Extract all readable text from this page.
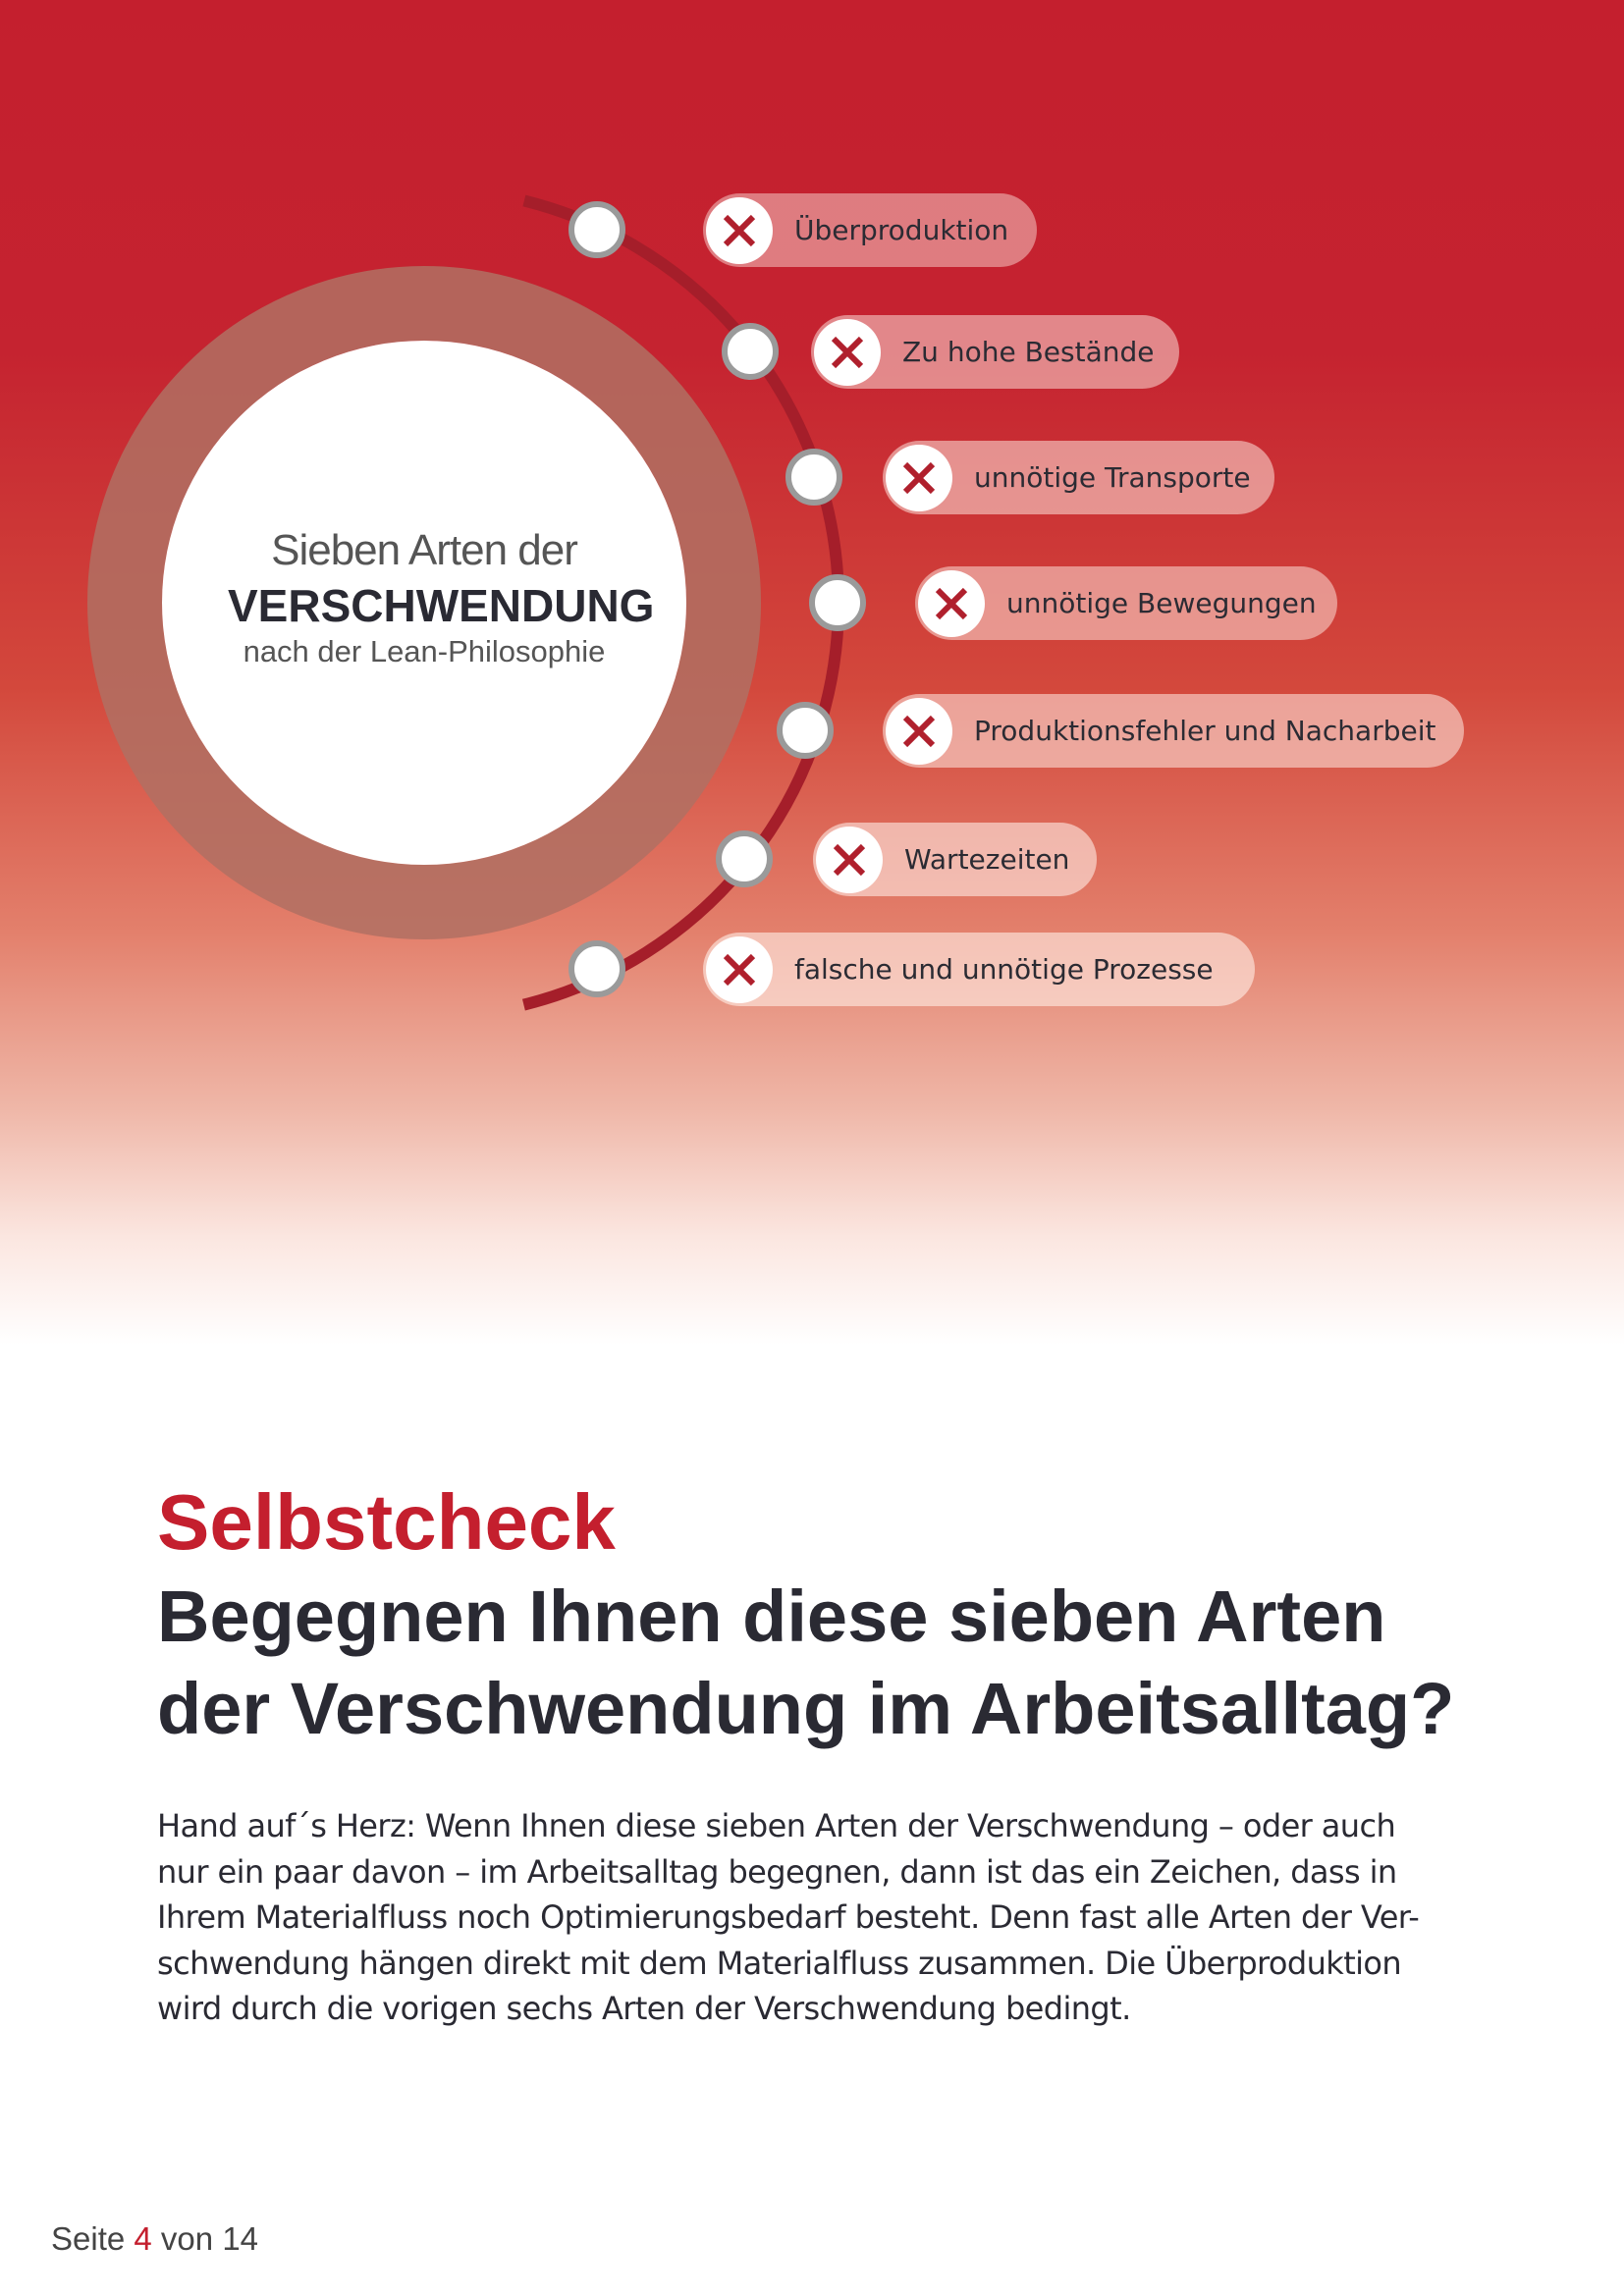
Sieben Arten der
VERSCHWENDUNG
nach der Lean-Philosophie
Überproduktion
Zu hohe Bestände
unnötige Transporte
unnötige Bewegungen
Produktionsfehler und Nacharbeit
Wartezeiten
falsche und unnötige Prozesse
Selbstcheck
Begegnen Ihnen diese sieben Arten
der Verschwendung im Arbeitsalltag?
Hand auf´s Herz: Wenn Ihnen diese sieben Arten der Verschwendung – oder auch
nur ein paar davon – im Arbeitsalltag begegnen, dann ist das ein Zeichen, dass in
Ihrem Materialfluss noch Optimierungsbedarf besteht. Denn fast alle Arten der Ver-
schwendung hängen direkt mit dem Materialfluss zusammen. Die Überproduktion
wird durch die vorigen sechs Arten der Verschwendung bedingt.
Seite 4 von 14
